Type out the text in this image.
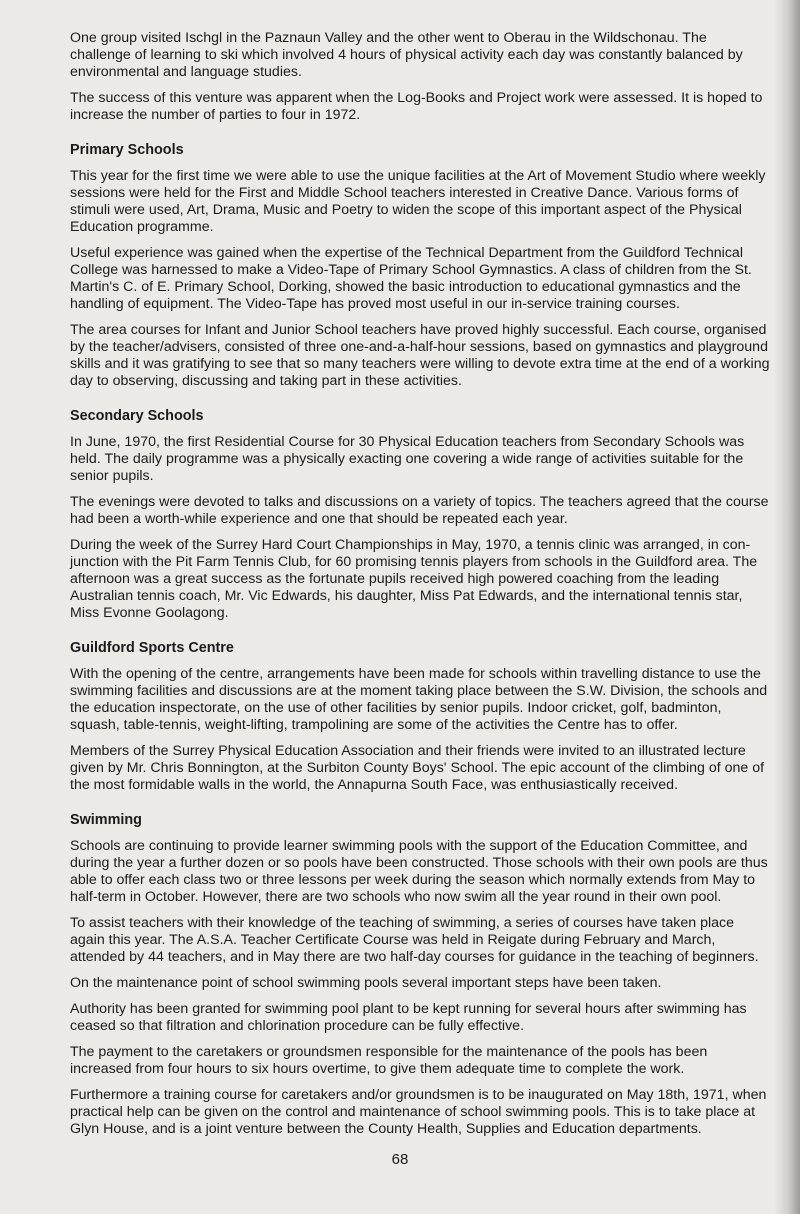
One group visited Ischgl in the Paznaun Valley and the other went to Oberau in the Wildschonau. The challenge of learning to ski which involved 4 hours of physical activity each day was constantly balanced by environmental and language studies.

The success of this venture was apparent when the Log-Books and Project work were assessed. It is hoped to increase the number of parties to four in 1972.

Primary Schools

This year for the first time we were able to use the unique facilities at the Art of Movement Studio where weekly sessions were held for the First and Middle School teachers interested in Creative Dance. Various forms of stimuli were used, Art, Drama, Music and Poetry to widen the scope of this important aspect of the Physical Education programme.

Useful experience was gained when the expertise of the Technical Department from the Guildford Technical College was harnessed to make a Video-Tape of Primary School Gymnastics. A class of children from the St. Martin's C. of E. Primary School, Dorking, showed the basic introduction to educational gymnastics and the handling of equipment. The Video-Tape has proved most useful in our in-service training courses.

The area courses for Infant and Junior School teachers have proved highly successful. Each course, organised by the teacher/advisers, consisted of three one-and-a-half-hour sessions, based on gymnastics and playground skills and it was gratifying to see that so many teachers were willing to devote extra time at the end of a working day to observing, discussing and taking part in these activities.

Secondary Schools

In June, 1970, the first Residential Course for 30 Physical Education teachers from Secondary Schools was held. The daily programme was a physically exacting one covering a wide range of activities suitable for the senior pupils.

The evenings were devoted to talks and discussions on a variety of topics. The teachers agreed that the course had been a worth-while experience and one that should be repeated each year.

During the week of the Surrey Hard Court Championships in May, 1970, a tennis clinic was arranged, in con-junction with the Pit Farm Tennis Club, for 60 promising tennis players from schools in the Guildford area. The afternoon was a great success as the fortunate pupils received high powered coaching from the leading Australian tennis coach, Mr. Vic Edwards, his daughter, Miss Pat Edwards, and the international tennis star, Miss Evonne Goolagong.

Guildford Sports Centre

With the opening of the centre, arrangements have been made for schools within travelling distance to use the swimming facilities and discussions are at the moment taking place between the S.W. Division, the schools and the education inspectorate, on the use of other facilities by senior pupils. Indoor cricket, golf, badminton, squash, table-tennis, weight-lifting, trampolining are some of the activities the Centre has to offer.

Members of the Surrey Physical Education Association and their friends were invited to an illustrated lecture given by Mr. Chris Bonnington, at the Surbiton County Boys' School. The epic account of the climbing of one of the most formidable walls in the world, the Annapurna South Face, was enthusiastically received.

Swimming

Schools are continuing to provide learner swimming pools with the support of the Education Committee, and during the year a further dozen or so pools have been constructed. Those schools with their own pools are thus able to offer each class two or three lessons per week during the season which normally extends from May to half-term in October. However, there are two schools who now swim all the year round in their own pool.

To assist teachers with their knowledge of the teaching of swimming, a series of courses have taken place again this year. The A.S.A. Teacher Certificate Course was held in Reigate during February and March, attended by 44 teachers, and in May there are two half-day courses for guidance in the teaching of beginners.

On the maintenance point of school swimming pools several important steps have been taken.

Authority has been granted for swimming pool plant to be kept running for several hours after swimming has ceased so that filtration and chlorination procedure can be fully effective.

The payment to the caretakers or groundsmen responsible for the maintenance of the pools has been increased from four hours to six hours overtime, to give them adequate time to complete the work.

Furthermore a training course for caretakers and/or groundsmen is to be inaugurated on May 18th, 1971, when practical help can be given on the control and maintenance of school swimming pools. This is to take place at Glyn House, and is a joint venture between the County Health, Supplies and Education departments.

68
